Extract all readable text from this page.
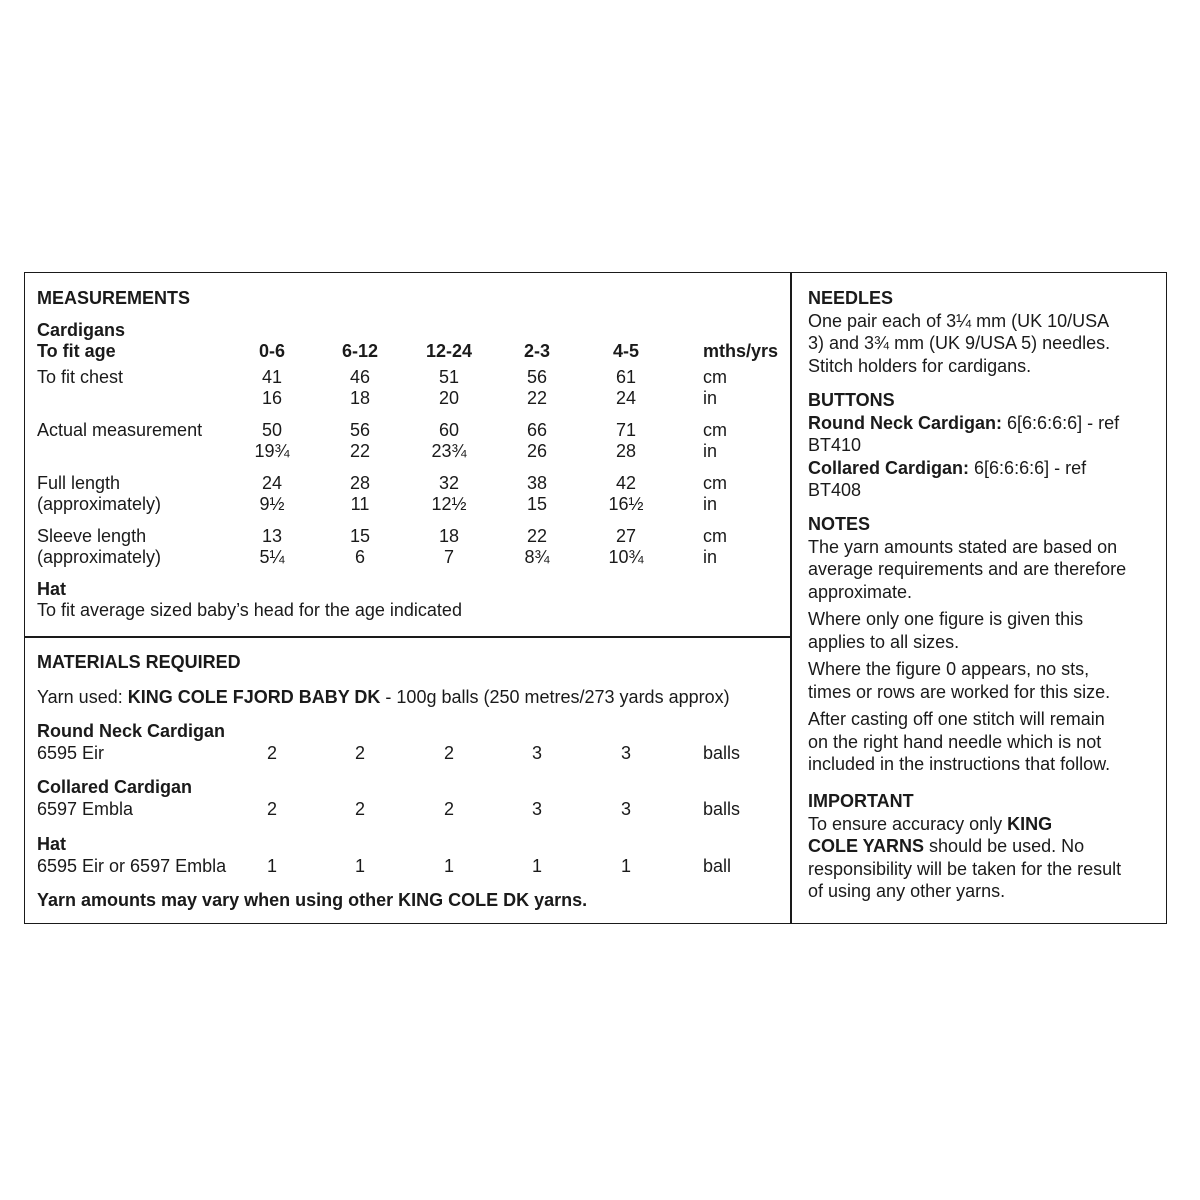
MEASUREMENTS
Cardigans
To fit age	0-6	6-12	12-24	2-3	4-5	mths/yrs
To fit chest	41	46	51	56	61	cm
16	18	20	22	24	in
Actual measurement	50	56	60	66	71	cm
19¾	22	23¾	26	28	in
Full length
(approximately)
24	28	32	38	42	cm
9½	11	12½	15	16½	in
Sleeve length
(approximately)
13	15	18	22	27	cm
5¼	6	7	8¾	10¾	in
Hat
To fit average sized baby’s head for the age indicated
MATERIALS REQUIRED
Yarn used: KING COLE FJORD BABY DK - 100g balls (250 metres/273 yards approx)
Round Neck Cardigan
6595 Eir	2	2	2	3	3	balls
Collared Cardigan
6597 Embla	2	2	2	3	3	balls
Hat
6595 Eir or 6597 Embla	1	1	1	1	1	ball
Yarn amounts may vary when using other KING COLE DK yarns.

NEEDLES

One pair each of 3¼ mm (UK 10/USA

3) and 3¾ mm (UK 9/USA 5) needles.

Stitch holders for cardigans.

BUTTONS

Round Neck Cardigan: 6[6:6:6:6] - ref

BT410

Collared Cardigan: 6[6:6:6:6] - ref

BT408

NOTES

The yarn amounts stated are based on

average requirements and are therefore

approximate.

Where only one figure is given this

applies to all sizes.

Where the figure 0 appears, no sts,

times or rows are worked for this size.

After casting off one stitch will remain

on the right hand needle which is not

included in the instructions that follow.

IMPORTANT

To ensure accuracy only KING

COLE YARNS should be used. No

responsibility will be taken for the result

of using any other yarns.
